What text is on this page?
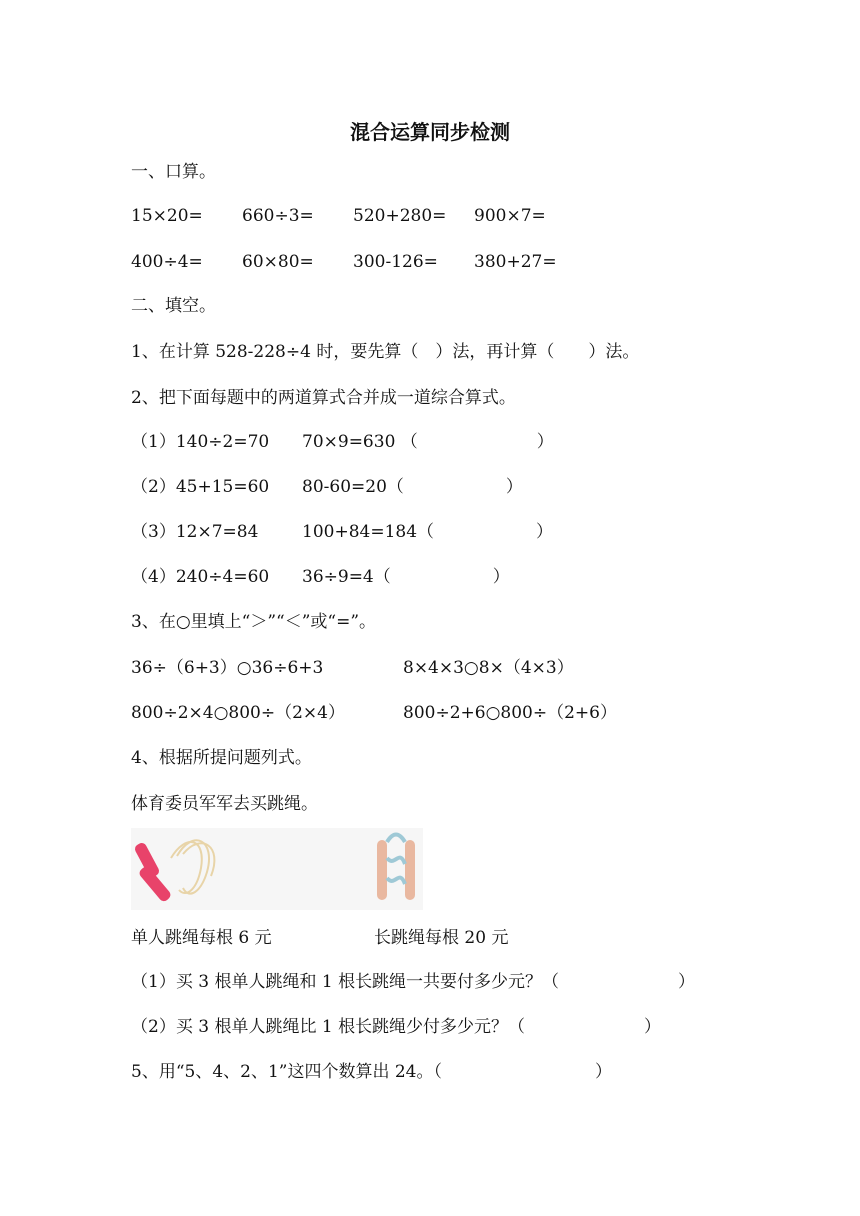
混合运算同步检测
一、口算。
15×20= 660÷3= 520+280= 900×7=
400÷4= 60×80= 300-126= 380+27=
二、填空。
1、在计算 528-228÷4 时，要先算（　）法，再计算（　　）法。
2、把下面每题中的两道算式合并成一道综合算式。
（1）140÷2=70 70×9=630 （　　　　　　　）
（2）45+15=60 80-60=20（　　　　　　）
（3）12×7=84	100+84=184（　　　　　　）
（4）240÷4=60 36÷9=4（　　　　　　）
3、在○里填上“＞”“＜”或“=”。
36÷（6+3）○36÷6+3	8×4×3○8×（4×3）
800÷2×4○800÷（2×4）	800÷2+6○800÷（2+6）
4、根据所提问题列式。
体育委员军军去买跳绳。
单人跳绳每根 6 元	长跳绳每根 20 元
（1）买 3 根单人跳绳和 1 根长跳绳一共要付多少元？（　　　　　　　）
（2）买 3 根单人跳绳比 1 根长跳绳少付多少元？（　　　　　　　）
5、用“5、4、2、1”这四个数算出 24。（　　　　　　　　　）
